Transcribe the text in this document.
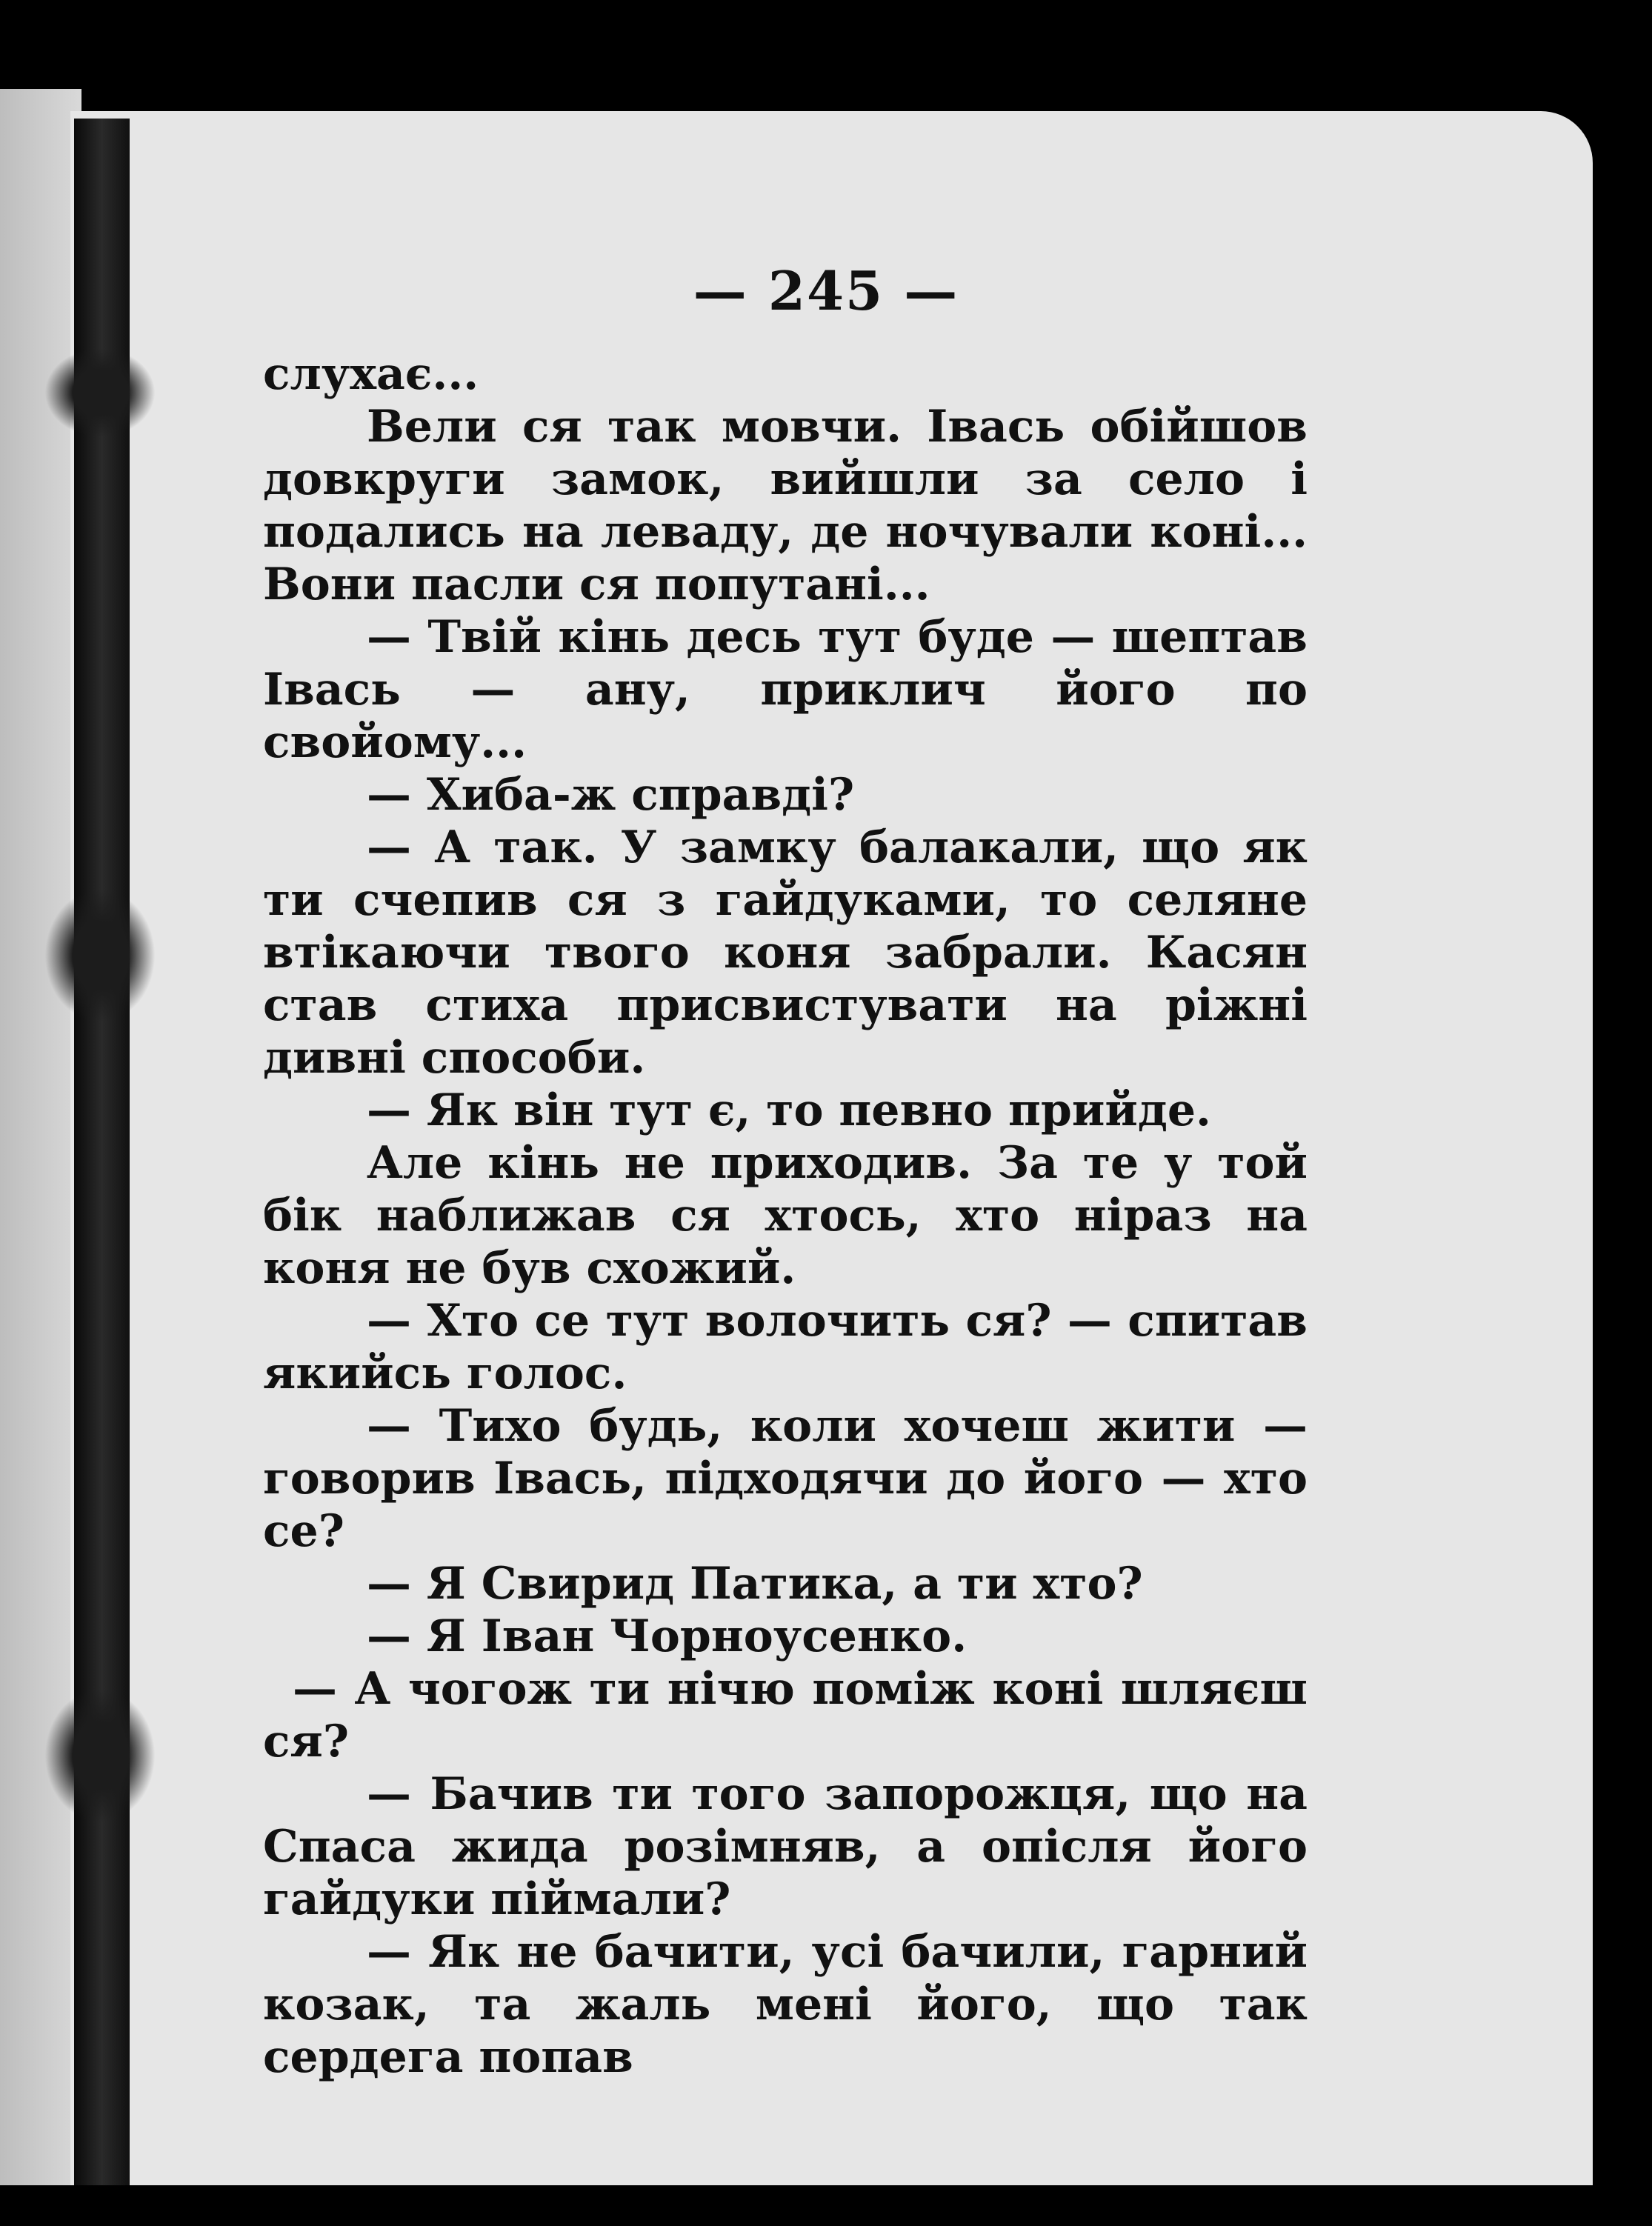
— 245 —

слухає...

Вели ся так мовчи. Івась обійшов довкруги замок, вийшли за село і подались на леваду, де ночували коні... Вони пасли ся попутані...

— Твій кінь десь тут буде — шептав Івась — ану, приклич його по свойому...

— Хиба-ж справді?

— А так. У замку балакали, що як ти счепив ся з гайдуками, то селяне втікаючи твого коня забрали. Касян став стиха присвистувати на ріжні дивні способи.

— Як він тут є, то певно прийде.

Але кінь не приходив. За те у той бік наближав ся хтось, хто ніраз на коня не був схожий.

— Хто се тут волочить ся? — спитав якийсь голос.

— Тихо будь, коли хочеш жити — говорив Івась, підходячи до його — хто се?

— Я Свирид Патика, а ти хто?

— Я Іван Чорноусенко.

— А чогож ти нічю поміж коні шляєш ся?

— Бачив ти того запорожця, що на Спаса жида розімняв, а опісля його гайдуки піймали?

— Як не бачити, усі бачили, гарний козак, та жаль мені його, що так сердега попав
